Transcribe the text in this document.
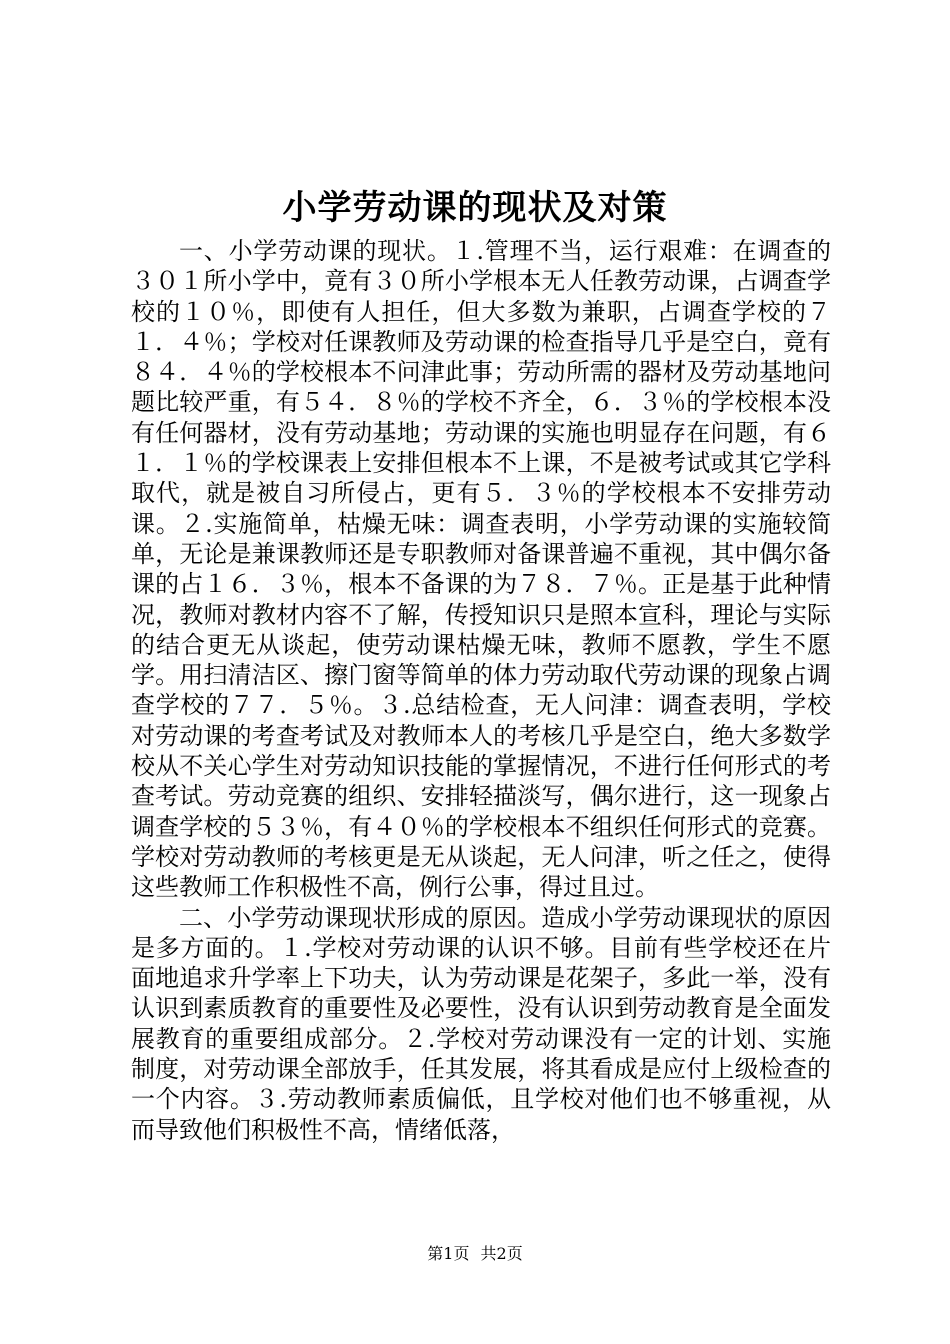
小学劳动课的现状及对策

一、小学劳动课的现状。１.管理不当，运行艰难：在调查的３０１所小学中，竟有３０所小学根本无人任教劳动课，占调查学校的１０％，即使有人担任，但大多数为兼职，占调查学校的７１．４％；学校对任课教师及劳动课的检查指导几乎是空白，竟有８４．４％的学校根本不问津此事；劳动所需的器材及劳动基地问题比较严重，有５４．８％的学校不齐全，６．３％的学校根本没有任何器材，没有劳动基地；劳动课的实施也明显存在问题，有６１．１％的学校课表上安排但根本不上课，不是被考试或其它学科取代，就是被自习所侵占，更有５．３％的学校根本不安排劳动课。２.实施简单，枯燥无味：调查表明，小学劳动课的实施较简单，无论是兼课教师还是专职教师对备课普遍不重视，其中偶尔备课的占１６．３％，根本不备课的为７８．７％。正是基于此种情况，教师对教材内容不了解，传授知识只是照本宣科，理论与实际的结合更无从谈起，使劳动课枯燥无味，教师不愿教，学生不愿学。用扫清洁区、擦门窗等简单的体力劳动取代劳动课的现象占调查学校的７７．５％。３.总结检查，无人问津：调查表明，学校对劳动课的考查考试及对教师本人的考核几乎是空白，绝大多数学校从不关心学生对劳动知识技能的掌握情况，不进行任何形式的考查考试。劳动竞赛的组织、安排轻描淡写，偶尔进行，这一现象占调查学校的５３％，有４０％的学校根本不组织任何形式的竞赛。学校对劳动教师的考核更是无从谈起，无人问津，听之任之，使得这些教师工作积极性不高，例行公事，得过且过。

二、小学劳动课现状形成的原因。造成小学劳动课现状的原因是多方面的。１.学校对劳动课的认识不够。目前有些学校还在片面地追求升学率上下功夫，认为劳动课是花架子，多此一举，没有认识到素质教育的重要性及必要性，没有认识到劳动教育是全面发展教育的重要组成部分。２.学校对劳动课没有一定的计划、实施制度，对劳动课全部放手，任其发展，将其看成是应付上级检查的一个内容。３.劳动教师素质偏低，且学校对他们也不够重视，从而导致他们积极性不高，情绪低落，

第1页 共2页
